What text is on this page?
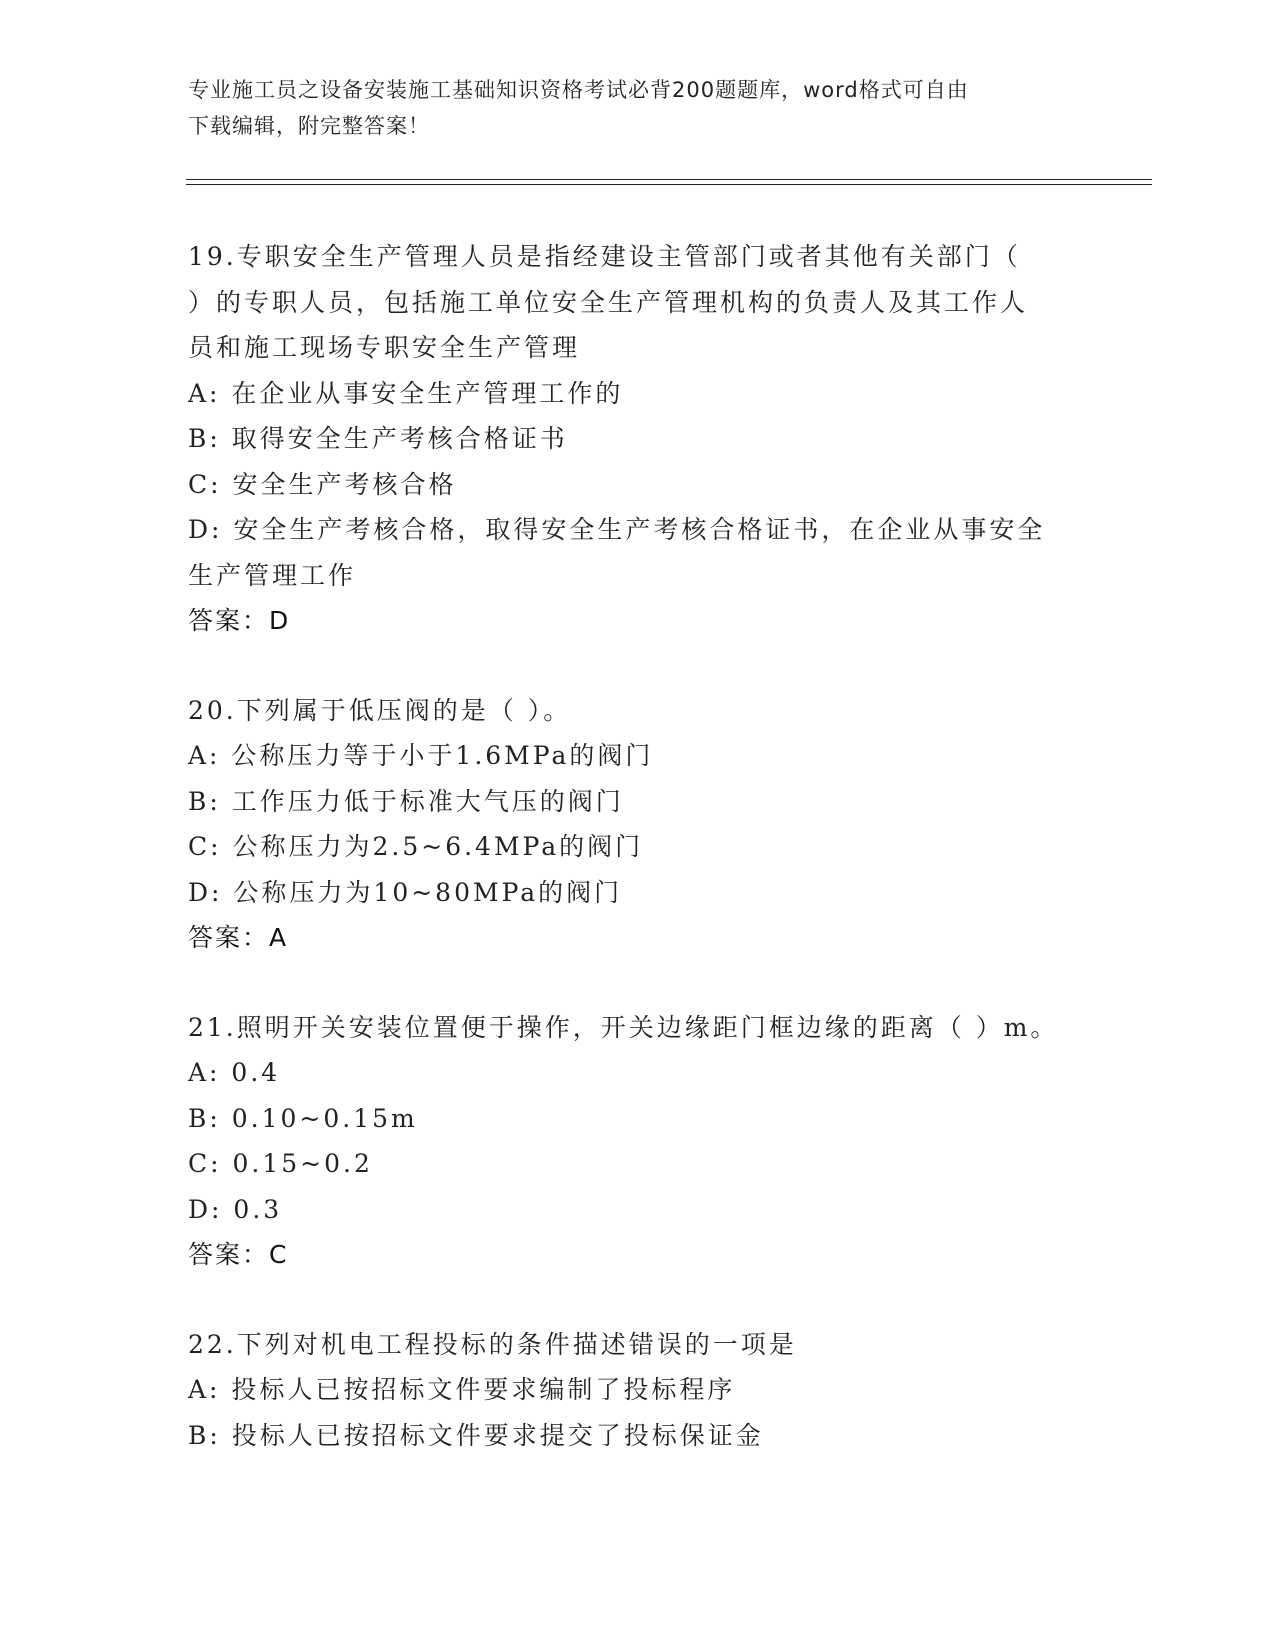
专业施工员之设备安装施工基础知识资格考试必背200题题库，word格式可自由
下载编辑，附完整答案！
19.专职安全生产管理人员是指经建设主管部门或者其他有关部门（
）的专职人员，包括施工单位安全生产管理机构的负责人及其工作人
员和施工现场专职安全生产管理
A: 在企业从事安全生产管理工作的
B: 取得安全生产考核合格证书
C: 安全生产考核合格
D: 安全生产考核合格，取得安全生产考核合格证书，在企业从事安全
生产管理工作
答案：D
20.下列属于低压阀的是（ ）。
A: 公称压力等于小于1.6MPa的阀门
B: 工作压力低于标准大气压的阀门
C: 公称压力为2.5~6.4MPa的阀门
D: 公称压力为10~80MPa的阀门
答案：A
21.照明开关安装位置便于操作，开关边缘距门框边缘的距离（ ）m。
A: 0.4
B: 0.10~0.15m
C: 0.15~0.2
D: 0.3
答案：C
22.下列对机电工程投标的条件描述错误的一项是
A: 投标人已按招标文件要求编制了投标程序
B: 投标人已按招标文件要求提交了投标保证金
